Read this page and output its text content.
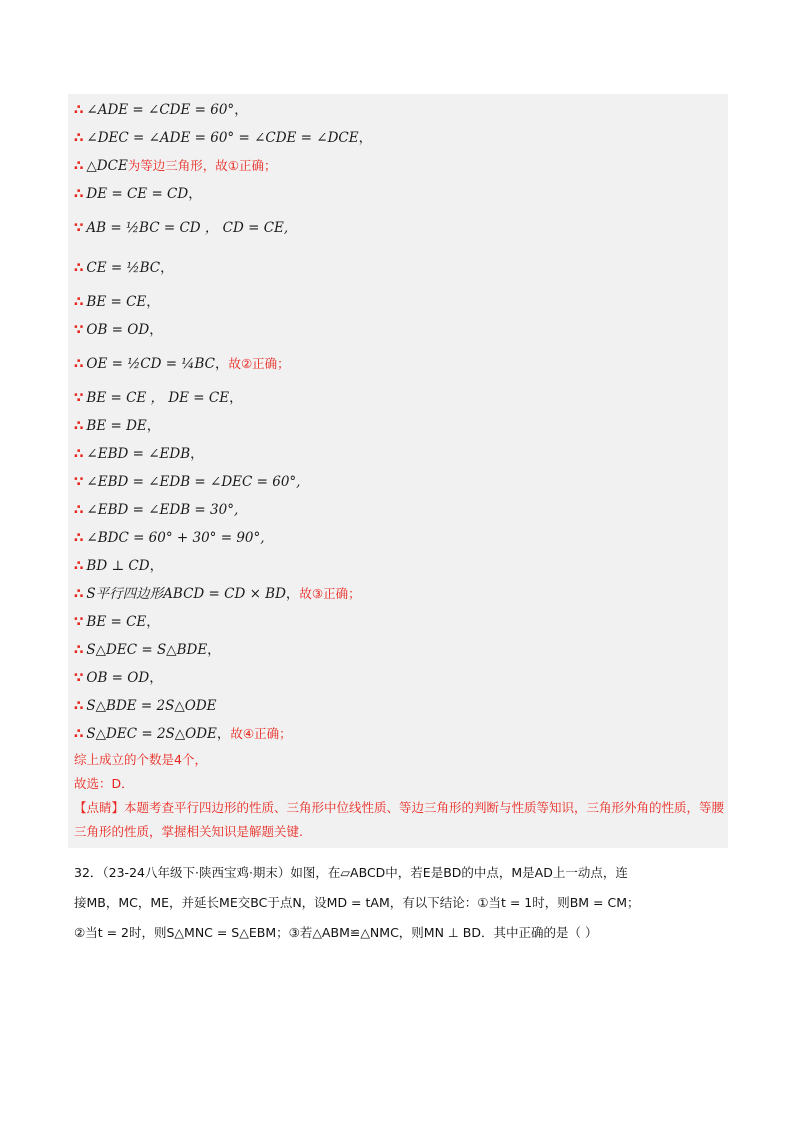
∴ ∠ADE = ∠CDE = 60°，
∴ ∠DEC = ∠ADE = 60° = ∠CDE = ∠DCE，
∴ △DCE为等边三角形，故①正确；
∴ DE = CE = CD，
∵ AB = ½BC = CD ， CD = CE,
∴ CE = ½BC，
∴ BE = CE，
∵ OB = OD，
∴ OE = ½CD = ¼BC，故②正确；
∵ BE = CE ， DE = CE，
∴ BE = DE，
∴ ∠EBD = ∠EDB，
∵ ∠EBD = ∠EDB = ∠DEC = 60°,
∴ ∠EBD = ∠EDB = 30°,
∴ ∠BDC = 60° + 30° = 90°,
∴ BD ⊥ CD，
∴ S平行四边形ABCD = CD × BD，故③正确；
∵ BE = CE，
∴ S△DEC = S△BDE，
∵ OB = OD，
∴ S△BDE = 2S△ODE
∴ S△DEC = 2S△ODE，故④正确；
综上成立的个数是4个，
故选：D．
【点睛】本题考查平行四边形的性质、三角形中位线性质、等边三角形的判断与性质等知识，三角形外角的性质，等腰三角形的性质，掌握相关知识是解题关键.
32．（23-24八年级下·陕西宝鸡·期末）如图，在▱ABCD中，若E是BD的中点，M是AD上一动点，连
接MB，MC，ME，并延长ME交BC于点N，设MD = tAM，有以下结论：①当t = 1时，则BM = CM；
②当t = 2时，则S△MNC = S△EBM；③若△ABM≌△NMC，则MN ⊥ BD．其中正确的是（ ）
